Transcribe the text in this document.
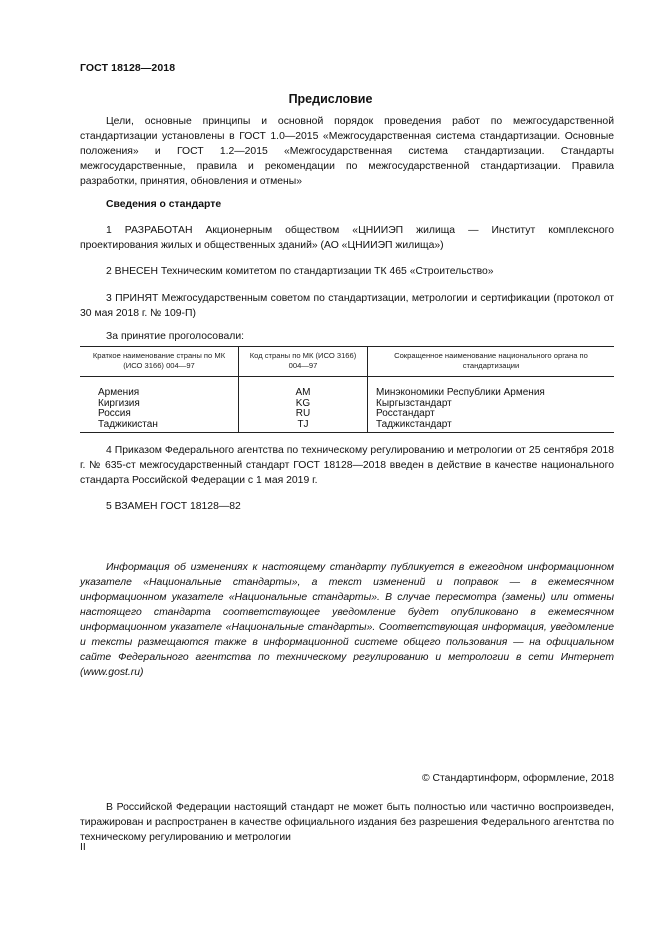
ГОСТ 18128—2018
Предисловие
Цели, основные принципы и основной порядок проведения работ по межгосударственной стандартизации установлены в ГОСТ 1.0—2015 «Межгосударственная система стандартизации. Основные положения» и ГОСТ 1.2—2015 «Межгосударственная система стандартизации. Стандарты межгосударственные, правила и рекомендации по межгосударственной стандартизации. Правила разработки, принятия, обновления и отмены»
Сведения о стандарте
1 РАЗРАБОТАН Акционерным обществом «ЦНИИЭП жилища — Институт комплексного проектирования жилых и общественных зданий» (АО «ЦНИИЭП жилища»)
2 ВНЕСЕН Техническим комитетом по стандартизации ТК 465 «Строительство»
3 ПРИНЯТ Межгосударственным советом по стандартизации, метрологии и сертификации (протокол от 30 мая 2018 г. № 109-П)
За принятие проголосовали:
Краткое наименование страны по МК (ИСО 3166) 004—97	Код страны по МК (ИСО 3166) 004—97	Сокращенное наименование национального органа по стандартизации
Армения	AM	Минэкономики Республики Армения
Киргизия	KG	Кыргызстандарт
Россия	RU	Росстандарт
Таджикистан	TJ	Таджикстандарт
4 Приказом Федерального агентства по техническому регулированию и метрологии от 25 сентября 2018 г. № 635-ст межгосударственный стандарт ГОСТ 18128—2018 введен в действие в качестве национального стандарта Российской Федерации с 1 мая 2019 г.
5 ВЗАМЕН ГОСТ 18128—82
Информация об изменениях к настоящему стандарту публикуется в ежегодном информационном указателе «Национальные стандарты», а текст изменений и поправок — в ежемесячном информационном указателе «Национальные стандарты». В случае пересмотра (замены) или отмены настоящего стандарта соответствующее уведомление будет опубликовано в ежемесячном информационном указателе «Национальные стандарты». Соответствующая информация, уведомление и тексты размещаются также в информационной системе общего пользования — на официальном сайте Федерального агентства по техническому регулированию и метрологии в сети Интернет (www.gost.ru)
© Стандартинформ, оформление, 2018
В Российской Федерации настоящий стандарт не может быть полностью или частично воспроизведен, тиражирован и распространен в качестве официального издания без разрешения Федерального агентства по техническому регулированию и метрологии
II
